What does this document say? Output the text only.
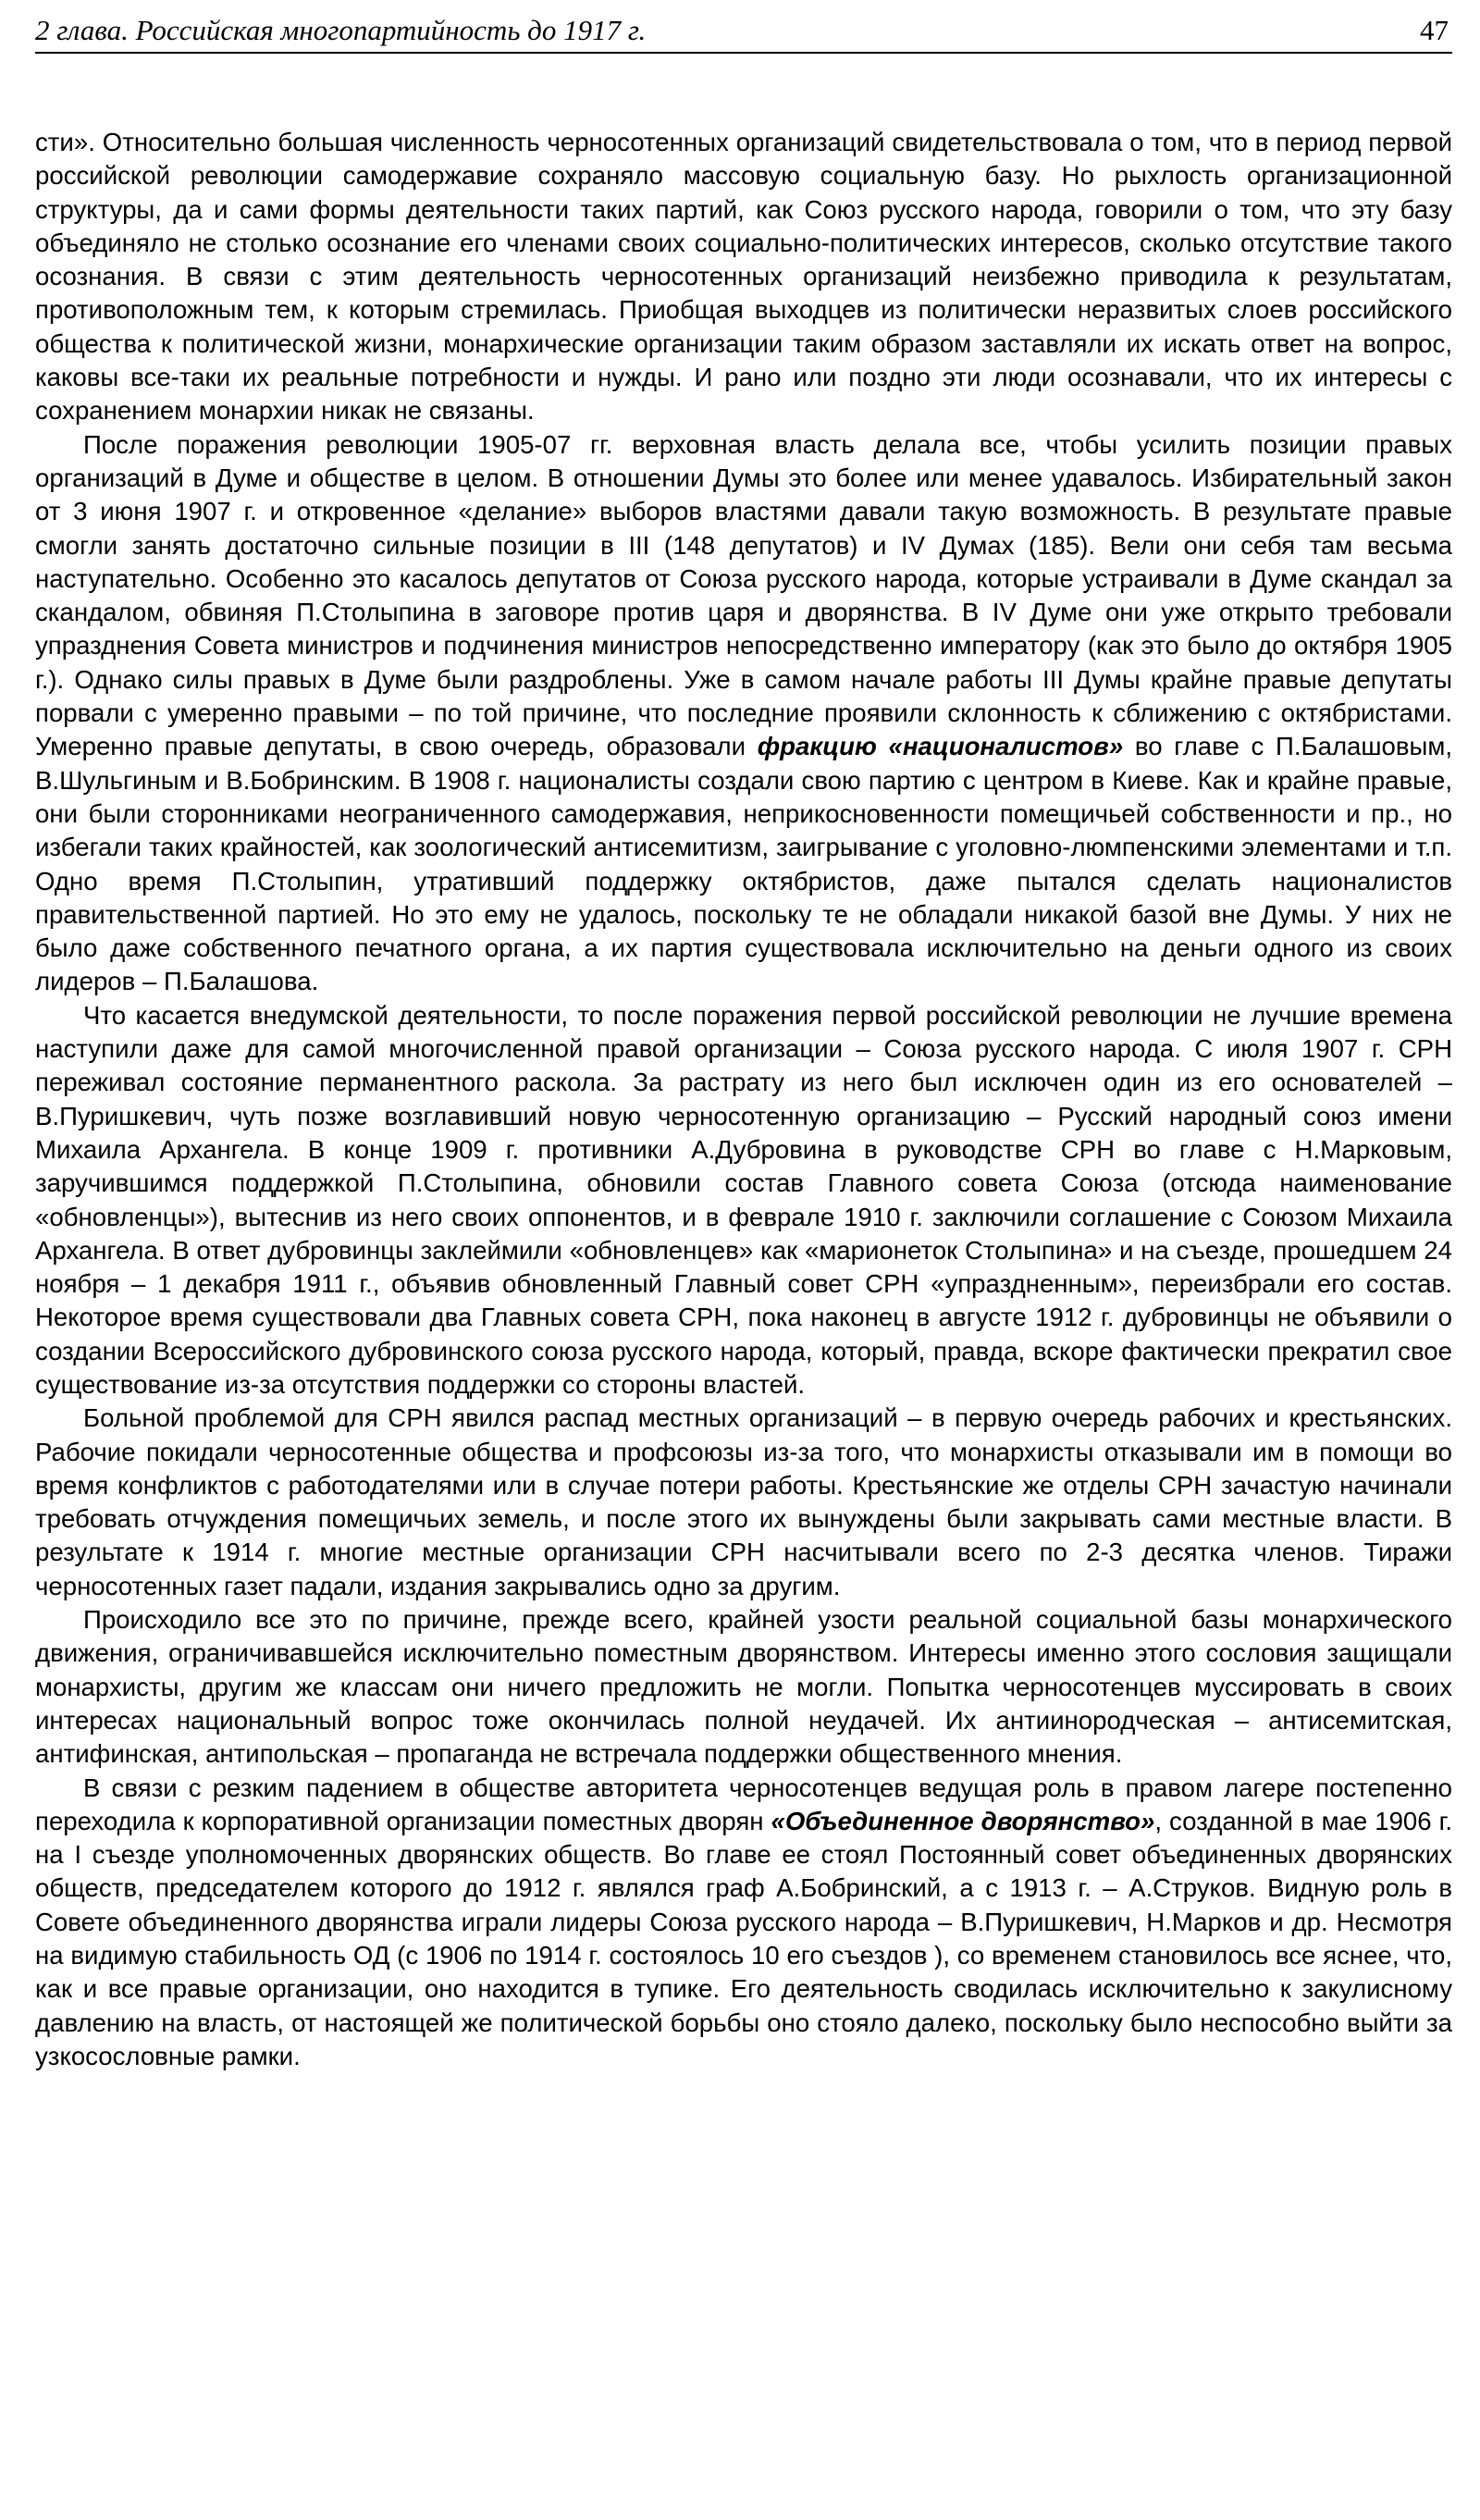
2 глава. Российская многопартийность до 1917 г.	47

сти». Относительно большая численность черносотенных организаций свидетельствовала о том, что в период первой российской революции самодержавие сохраняло массовую социальную базу. Но рыхлость организационной структуры, да и сами формы деятельности таких партий, как Союз русского народа, говорили о том, что эту базу объединяло не столько осознание его членами своих социально-политических интересов, сколько отсутствие такого осознания. В связи с этим деятельность черносотенных организаций неизбежно приводила к результатам, противоположным тем, к которым стремилась. Приобщая выходцев из политически неразвитых слоев российского общества к политической жизни, монархические организации таким образом заставляли их искать ответ на вопрос, каковы все-таки их реальные потребности и нужды. И рано или поздно эти люди осознавали, что их интересы с сохранением монархии никак не связаны.

После поражения революции 1905-07 гг. верховная власть делала все, чтобы усилить позиции правых организаций в Думе и обществе в целом. В отношении Думы это более или менее удавалось. Избирательный закон от 3 июня 1907 г. и откровенное «делание» выборов властями давали такую возможность. В результате правые смогли занять достаточно сильные позиции в III (148 депутатов) и IV Думах (185). Вели они себя там весьма наступательно. Особенно это касалось депутатов от Союза русского народа, которые устраивали в Думе скандал за скандалом, обвиняя П.Столыпина в заговоре против царя и дворянства. В IV Думе они уже открыто требовали упразднения Совета министров и подчинения министров непосредственно императору (как это было до октября 1905 г.). Однако силы правых в Думе были раздроблены. Уже в самом начале работы III Думы крайне правые депутаты порвали с умеренно правыми – по той причине, что последние проявили склонность к сближению с октябристами. Умеренно правые депутаты, в свою очередь, образовали фракцию «националистов» во главе с П.Балашовым, В.Шульгиным и В.Бобринским. В 1908 г. националисты создали свою партию с центром в Киеве. Как и крайне правые, они были сторонниками неограниченного самодержавия, неприкосновенности помещичьей собственности и пр., но избегали таких крайностей, как зоологический антисемитизм, заигрывание с уголовно-люмпенскими элементами и т.п. Одно время П.Столыпин, утративший поддержку октябристов, даже пытался сделать националистов правительственной партией. Но это ему не удалось, поскольку те не обладали никакой базой вне Думы. У них не было даже собственного печатного органа, а их партия существовала исключительно на деньги одного из своих лидеров – П.Балашова.

Что касается внедумской деятельности, то после поражения первой российской революции не лучшие времена наступили даже для самой многочисленной правой организации – Союза русского народа. С июля 1907 г. СРН переживал состояние перманентного раскола. За растрату из него был исключен один из его основателей – В.Пуришкевич, чуть позже возглавивший новую черносотенную организацию – Русский народный союз имени Михаила Архангела. В конце 1909 г. противники А.Дубровина в руководстве СРН во главе с Н.Марковым, заручившимся поддержкой П.Столыпина, обновили состав Главного совета Союза (отсюда наименование «обновленцы»), вытеснив из него своих оппонентов, и в феврале 1910 г. заключили соглашение с Союзом Михаила Архангела. В ответ дубровинцы заклеймили «обновленцев» как «марионеток Столыпина» и на съезде, прошедшем 24 ноября – 1 декабря 1911 г., объявив обновленный Главный совет СРН «упраздненным», переизбрали его состав. Некоторое время существовали два Главных совета СРН, пока наконец в августе 1912 г. дубровинцы не объявили о создании Всероссийского дубровинского союза русского народа, который, правда, вскоре фактически прекратил свое существование из-за отсутствия поддержки со стороны властей.

Больной проблемой для СРН явился распад местных организаций – в первую очередь рабочих и крестьянских. Рабочие покидали черносотенные общества и профсоюзы из-за того, что монархисты отказывали им в помощи во время конфликтов с работодателями или в случае потери работы. Крестьянские же отделы СРН зачастую начинали требовать отчуждения помещичьих земель, и после этого их вынуждены были закрывать сами местные власти. В результате к 1914 г. многие местные организации СРН насчитывали всего по 2-3 десятка членов. Тиражи черносотенных газет падали, издания закрывались одно за другим.

Происходило все это по причине, прежде всего, крайней узости реальной социальной базы монархического движения, ограничивавшейся исключительно поместным дворянством. Интересы именно этого сословия защищали монархисты, другим же классам они ничего предложить не могли. Попытка черносотенцев муссировать в своих интересах национальный вопрос тоже окончилась полной неудачей. Их антиинородческая – антисемитская, антифинская, антипольская – пропаганда не встречала поддержки общественного мнения.

В связи с резким падением в обществе авторитета черносотенцев ведущая роль в правом лагере постепенно переходила к корпоративной организации поместных дворян «Объединенное дворянство», созданной в мае 1906 г. на I съезде уполномоченных дворянских обществ. Во главе ее стоял Постоянный совет объединенных дворянских обществ, председателем которого до 1912 г. являлся граф А.Бобринский, а с 1913 г. – А.Струков. Видную роль в Совете объединенного дворянства играли лидеры Союза русского народа – В.Пуришкевич, Н.Марков и др. Несмотря на видимую стабильность ОД (с 1906 по 1914 г. состоялось 10 его съездов ), со временем становилось все яснее, что, как и все правые организации, оно находится в тупике. Его деятельность сводилась исключительно к закулисному давлению на власть, от настоящей же политической борьбы оно стояло далеко, поскольку было неспособно выйти за узкосословные рамки.
